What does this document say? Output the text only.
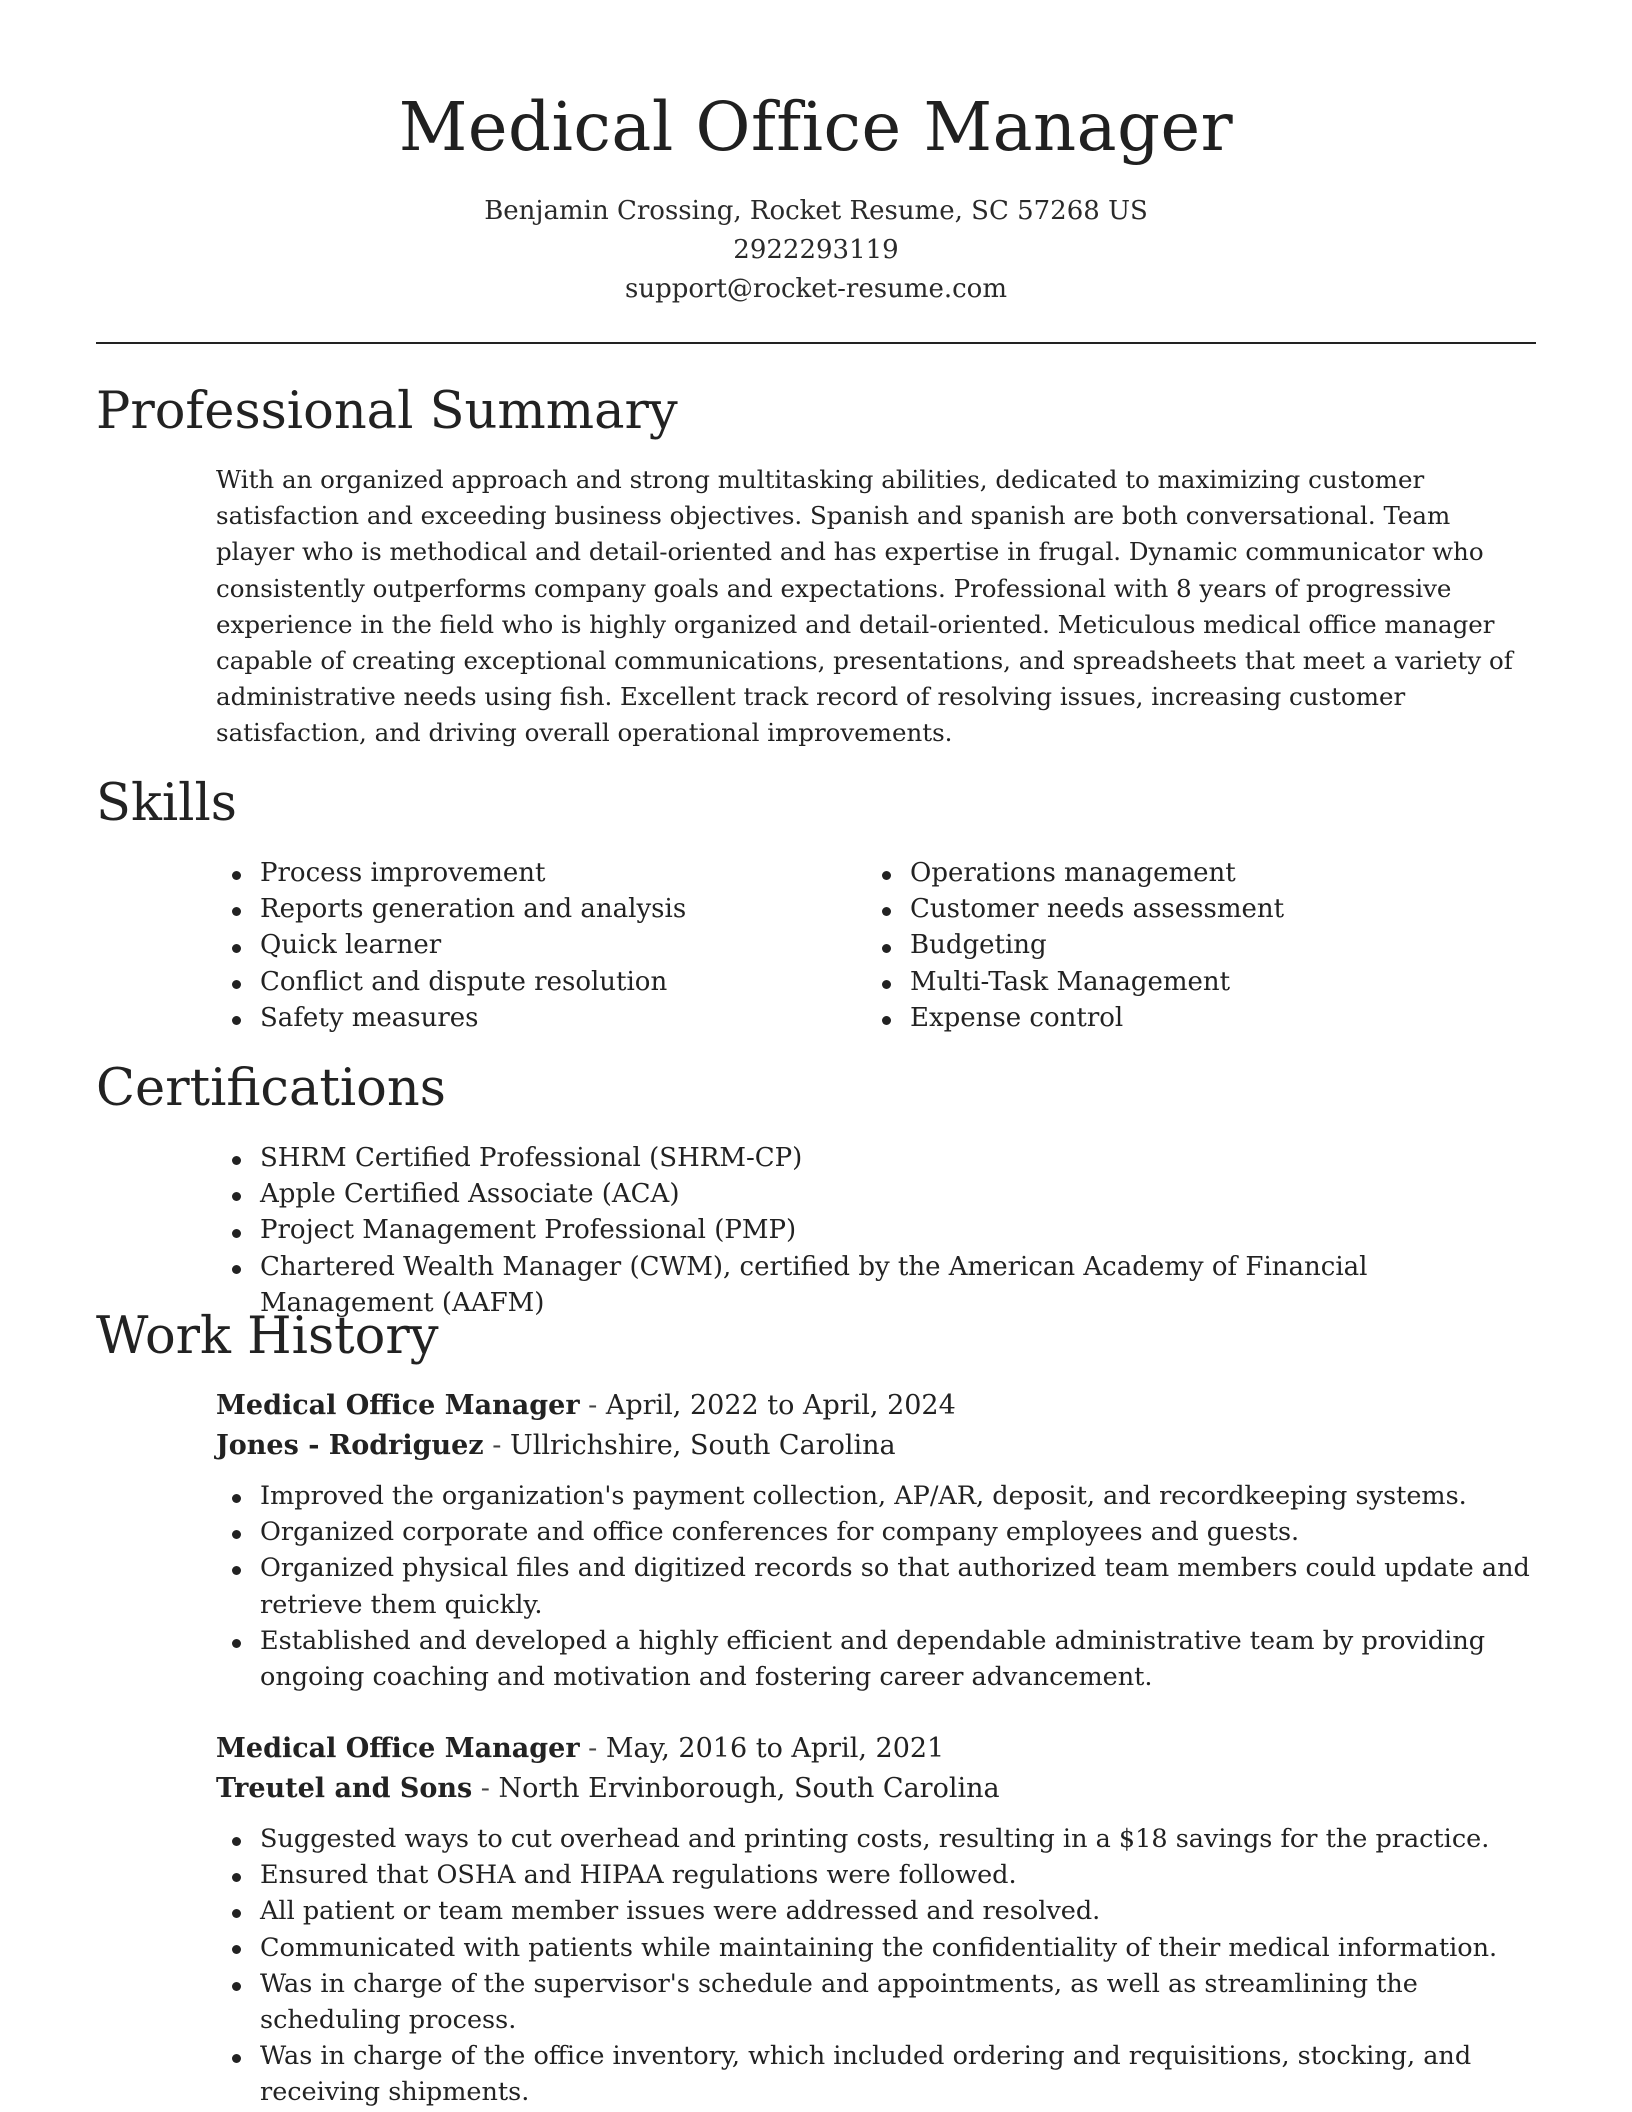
Medical Office Manager
Benjamin Crossing, Rocket Resume, SC 57268 US
2922293119
support@rocket-resume.com
Professional Summary

With an organized approach and strong multitasking abilities, dedicated to maximizing customer satisfaction and exceeding business objectives. Spanish and spanish are both conversational. Team player who is methodical and detail-oriented and has expertise in frugal. Dynamic communicator who consistently outperforms company goals and expectations. Professional with 8 years of progressive experience in the field who is highly organized and detail-oriented. Meticulous medical office manager capable of creating exceptional communications, presentations, and spreadsheets that meet a variety of administrative needs using fish. Excellent track record of resolving issues, increasing customer satisfaction, and driving overall operational improvements.

Skills
Process improvement
Reports generation and analysis
Quick learner
Conflict and dispute resolution
Safety measures
Operations management
Customer needs assessment
Budgeting
Multi-Task Management
Expense control
Certifications
SHRM Certified Professional (SHRM-CP)
Apple Certified Associate (ACA)
Project Management Professional (PMP)
Chartered Wealth Manager (CWM), certified by the American Academy of Financial Management (AAFM)
Work History
Medical Office Manager - April, 2022 to April, 2024
Jones - Rodriguez - Ullrichshire, South Carolina
Improved the organization's payment collection, AP/AR, deposit, and recordkeeping systems.
Organized corporate and office conferences for company employees and guests.
Organized physical files and digitized records so that authorized team members could update and retrieve them quickly.
Established and developed a highly efficient and dependable administrative team by providing ongoing coaching and motivation and fostering career advancement.
Medical Office Manager - May, 2016 to April, 2021
Treutel and Sons - North Ervinborough, South Carolina
Suggested ways to cut overhead and printing costs, resulting in a $18 savings for the practice.
Ensured that OSHA and HIPAA regulations were followed.
All patient or team member issues were addressed and resolved.
Communicated with patients while maintaining the confidentiality of their medical information.
Was in charge of the supervisor's schedule and appointments, as well as streamlining the scheduling process.
Was in charge of the office inventory, which included ordering and requisitions, stocking, and receiving shipments.
